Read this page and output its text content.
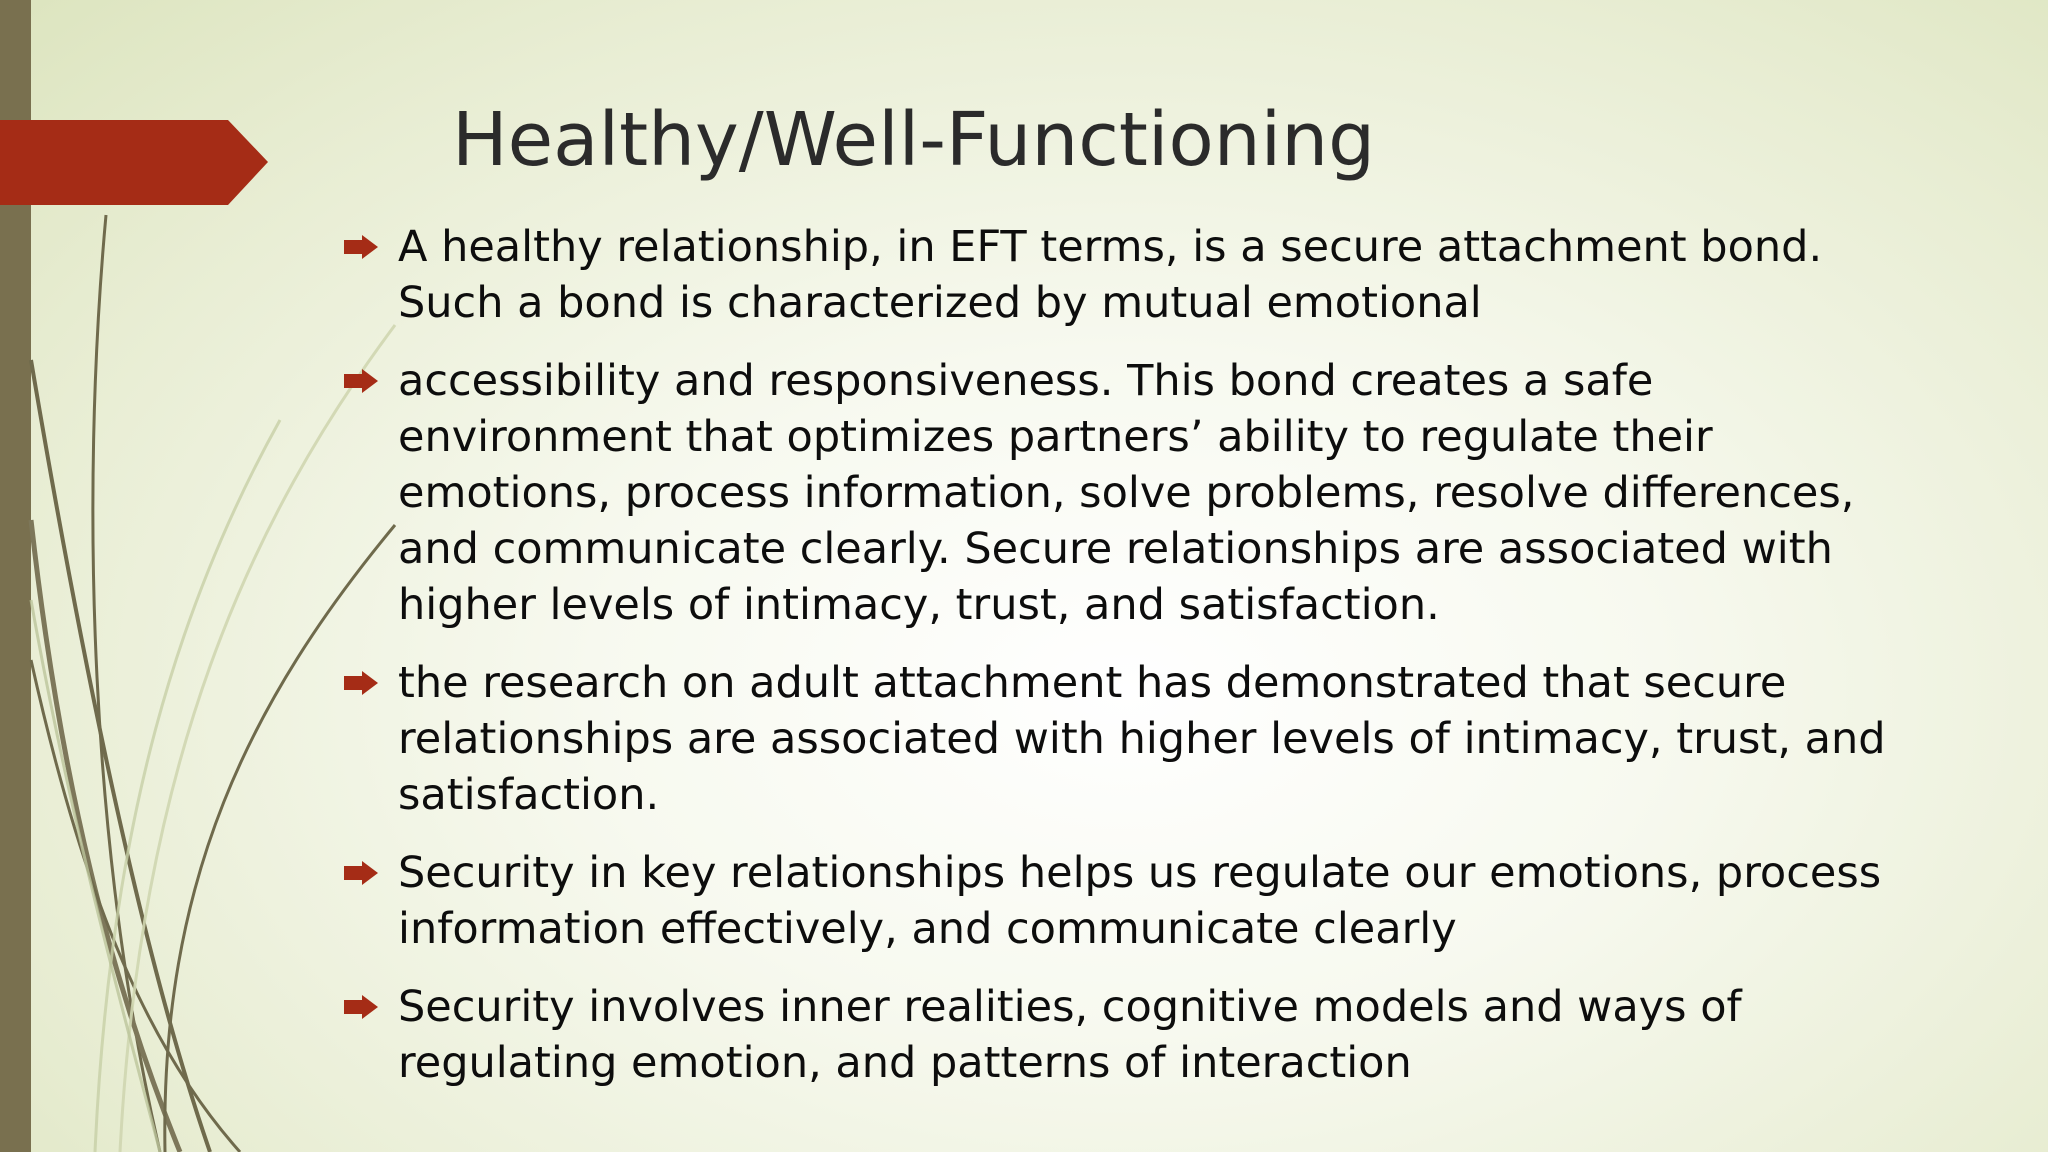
Healthy/Well-Functioning
A healthy relationship, in EFT terms, is a secure attachment bond. Such a bond is characterized by mutual emotional
accessibility and responsiveness. This bond creates a safe environment that optimizes partners’ ability to regulate their emotions, process information, solve problems, resolve differences, and communicate clearly. Secure relationships are associated with higher levels of intimacy, trust, and satisfaction.
the research on adult attachment has demonstrated that secure relationships are associated with higher levels of intimacy, trust, and satisfaction.
Security in key relationships helps us regulate our emotions, process information effectively, and communicate clearly
Security involves inner realities, cognitive models and ways of regulating emotion, and patterns of interaction
